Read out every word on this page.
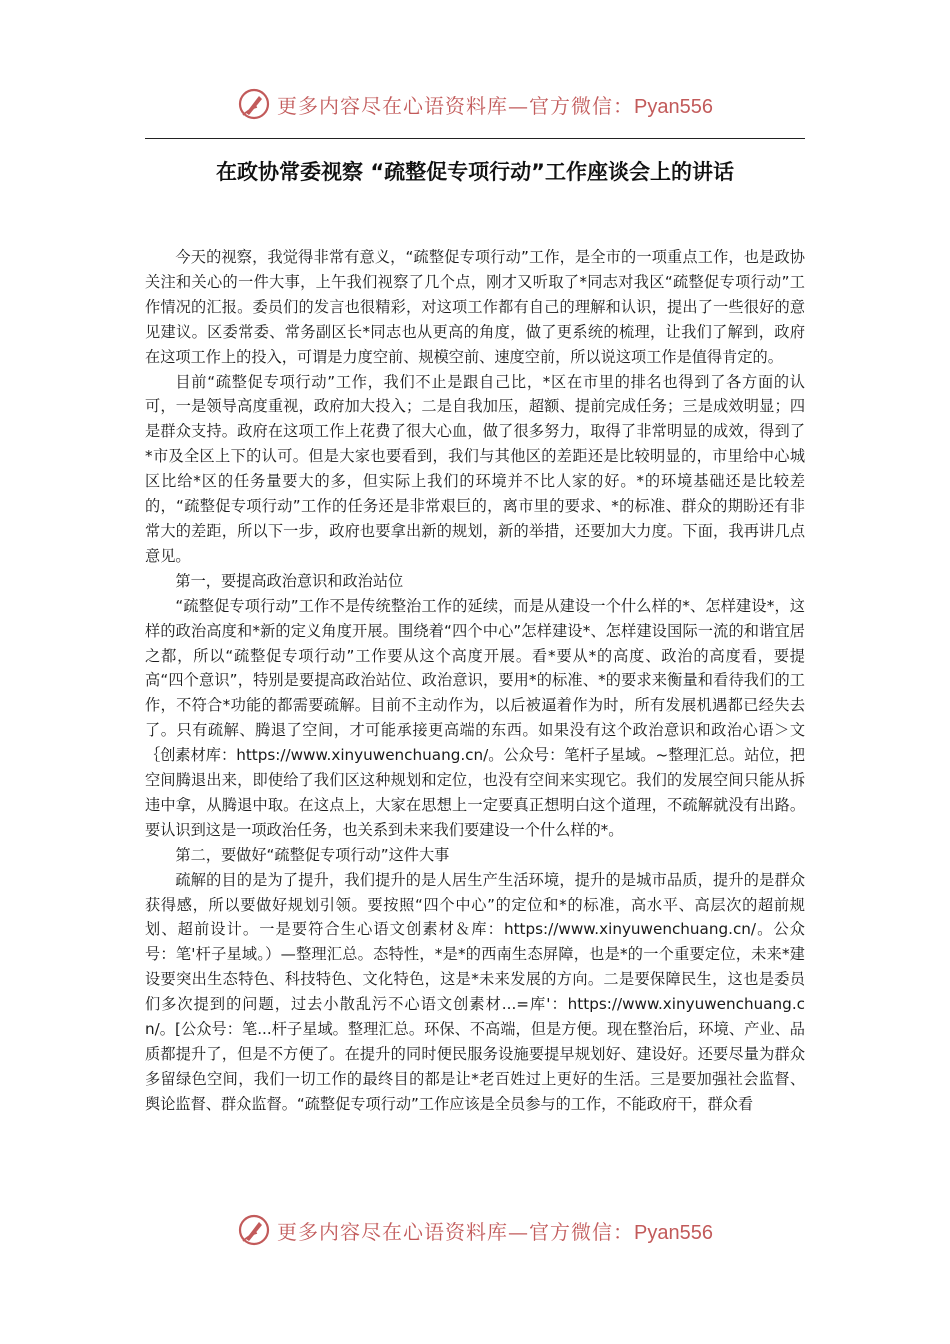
更多内容尽在心语资料库—官方微信：Pyan556
在政协常委视察 “疏整促专项行动”工作座谈会上的讲话

今天的视察，我觉得非常有意义，“疏整促专项行动”工作，是全市的一项重点工作，也是政协关注和关心的一件大事，上午我们视察了几个点，刚才又听取了*同志对我区“疏整促专项行动”工作情况的汇报。委员们的发言也很精彩，对这项工作都有自己的理解和认识，提出了一些很好的意见建议。区委常委、常务副区长*同志也从更高的角度，做了更系统的梳理，让我们了解到，政府在这项工作上的投入，可谓是力度空前、规模空前、速度空前，所以说这项工作是值得肯定的。

目前“疏整促专项行动”工作，我们不止是跟自己比，*区在市里的排名也得到了各方面的认可，一是领导高度重视，政府加大投入；二是自我加压，超额、提前完成任务；三是成效明显；四是群众支持。政府在这项工作上花费了很大心血，做了很多努力，取得了非常明显的成效，得到了*市及全区上下的认可。但是大家也要看到，我们与其他区的差距还是比较明显的，市里给中心城区比给*区的任务量要大的多，但实际上我们的环境并不比人家的好。*的环境基础还是比较差的，“疏整促专项行动”工作的任务还是非常艰巨的，离市里的要求、*的标准、群众的期盼还有非常大的差距，所以下一步，政府也要拿出新的规划，新的举措，还要加大力度。下面，我再讲几点意见。

第一，要提高政治意识和政治站位

“疏整促专项行动”工作不是传统整治工作的延续，而是从建设一个什么样的*、怎样建设*，这样的政治高度和*新的定义角度开展。围绕着“四个中心”怎样建设*、怎样建设国际一流的和谐宜居之都，所以“疏整促专项行动”工作要从这个高度开展。看*要从*的高度、政治的高度看，要提高“四个意识”，特别是要提高政治站位、政治意识，要用*的标准、*的要求来衡量和看待我们的工作，不符合*功能的都需要疏解。目前不主动作为，以后被逼着作为时，所有发展机遇都已经失去了。只有疏解、腾退了空间，才可能承接更高端的东西。如果没有这个政治意识和政治心语＞文｛创素材库：https://www.xinyuwenchuang.cn/。公众号：笔杆子星域。~整理汇总。站位，把空间腾退出来，即使给了我们区这种规划和定位，也没有空间来实现它。我们的发展空间只能从拆违中拿，从腾退中取。在这点上，大家在思想上一定要真正想明白这个道理，不疏解就没有出路。要认识到这是一项政治任务，也关系到未来我们要建设一个什么样的*。

第二，要做好“疏整促专项行动”这件大事

疏解的目的是为了提升，我们提升的是人居生产生活环境，提升的是城市品质，提升的是群众获得感，所以要做好规划引领。要按照“四个中心”的定位和*的标准，高水平、高层次的超前规划、超前设计。一是要符合生心语文创素材＆库：https://www.xinyuwenchuang.cn/。公众号：笔'杆子星域。）—整理汇总。态特性，*是*的西南生态屏障，也是*的一个重要定位，未来*建设要突出生态特色、科技特色、文化特色，这是*未来发展的方向。二是要保障民生，这也是委员们多次提到的问题，过去小散乱污不心语文创素材...=库'：https://www.xinyuwenchuang.cn/。[公众号：笔...杆子星域。整理汇总。环保、不高端，但是方便。现在整治后，环境、产业、品质都提升了，但是不方便了。在提升的同时便民服务设施要提早规划好、建设好。还要尽量为群众多留绿色空间，我们一切工作的最终目的都是让*老百姓过上更好的生活。三是要加强社会监督、舆论监督、群众监督。“疏整促专项行动”工作应该是全员参与的工作，不能政府干，群众看

更多内容尽在心语资料库—官方微信：Pyan556
